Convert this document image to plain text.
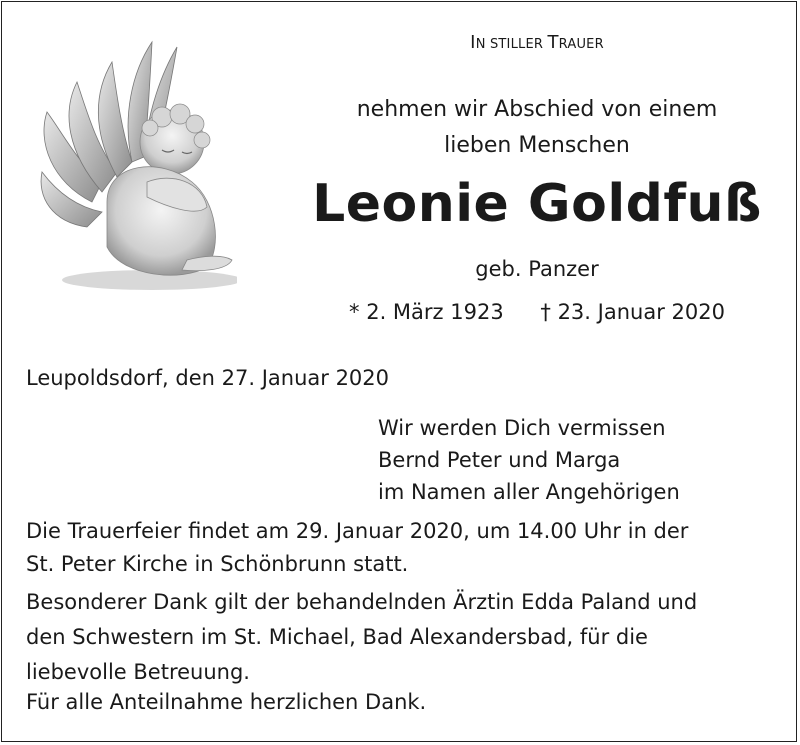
IN STILLER TRAUER
nehmen wir Abschied von einem
lieben Menschen
Leonie Goldfuß
geb. Panzer
* 2. März 1923 † 23. Januar 2020
Leupoldsdorf, den 27. Januar 2020
Wir werden Dich vermissen
Bernd Peter und Marga
im Namen aller Angehörigen
Die Trauerfeier findet am 29. Januar 2020, um 14.00 Uhr in der
St. Peter Kirche in Schönbrunn statt.
Besonderer Dank gilt der behandelnden Ärztin Edda Paland und
den Schwestern im St. Michael, Bad Alexandersbad, für die
liebevolle Betreuung.
Für alle Anteilnahme herzlichen Dank.
